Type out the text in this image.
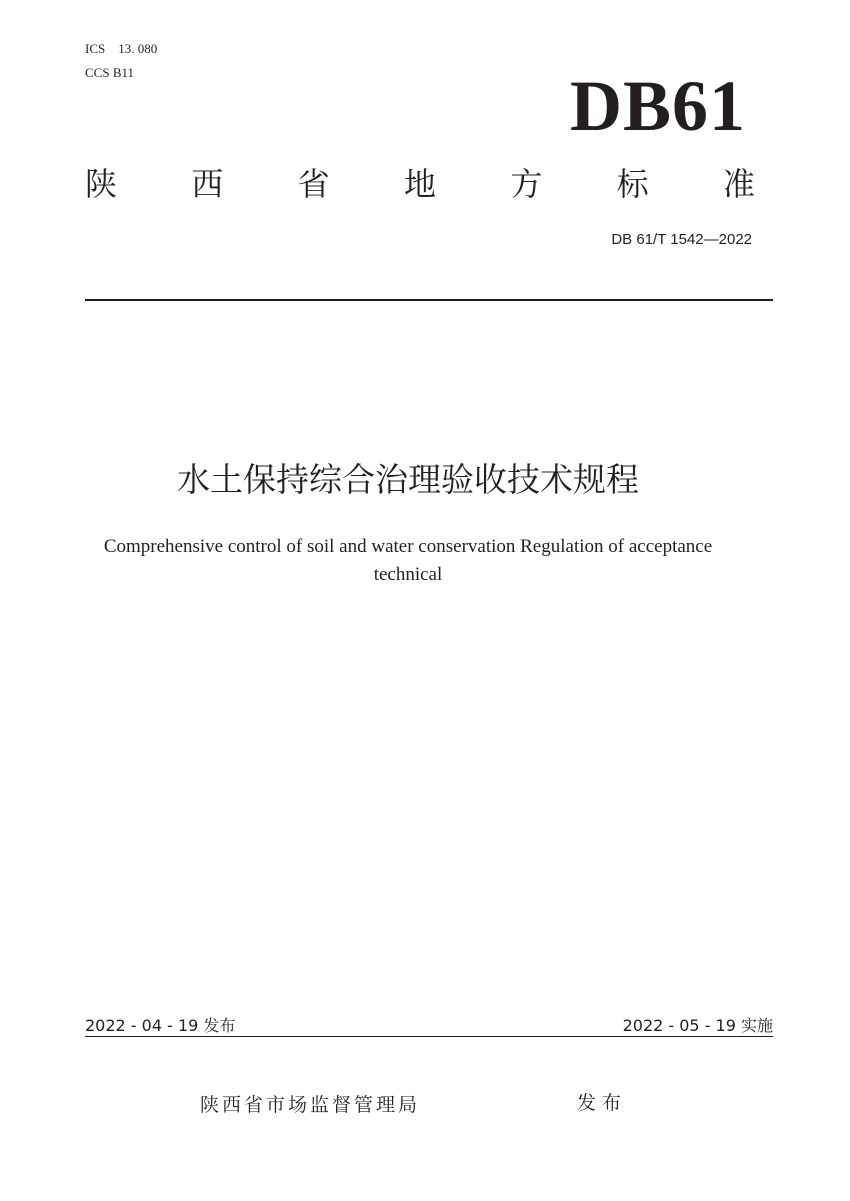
ICS　13. 080
CCS B11	DB61
陕 西 省 地 方 标 准
DB 61/T 1542—2022
水土保持综合治理验收技术规程
Comprehensive control of soil and water conservation Regulation of acceptance
technical
2022 - 04 - 19 发布	2022 - 05 - 19 实施
陕西省市场监督管理局	发布
